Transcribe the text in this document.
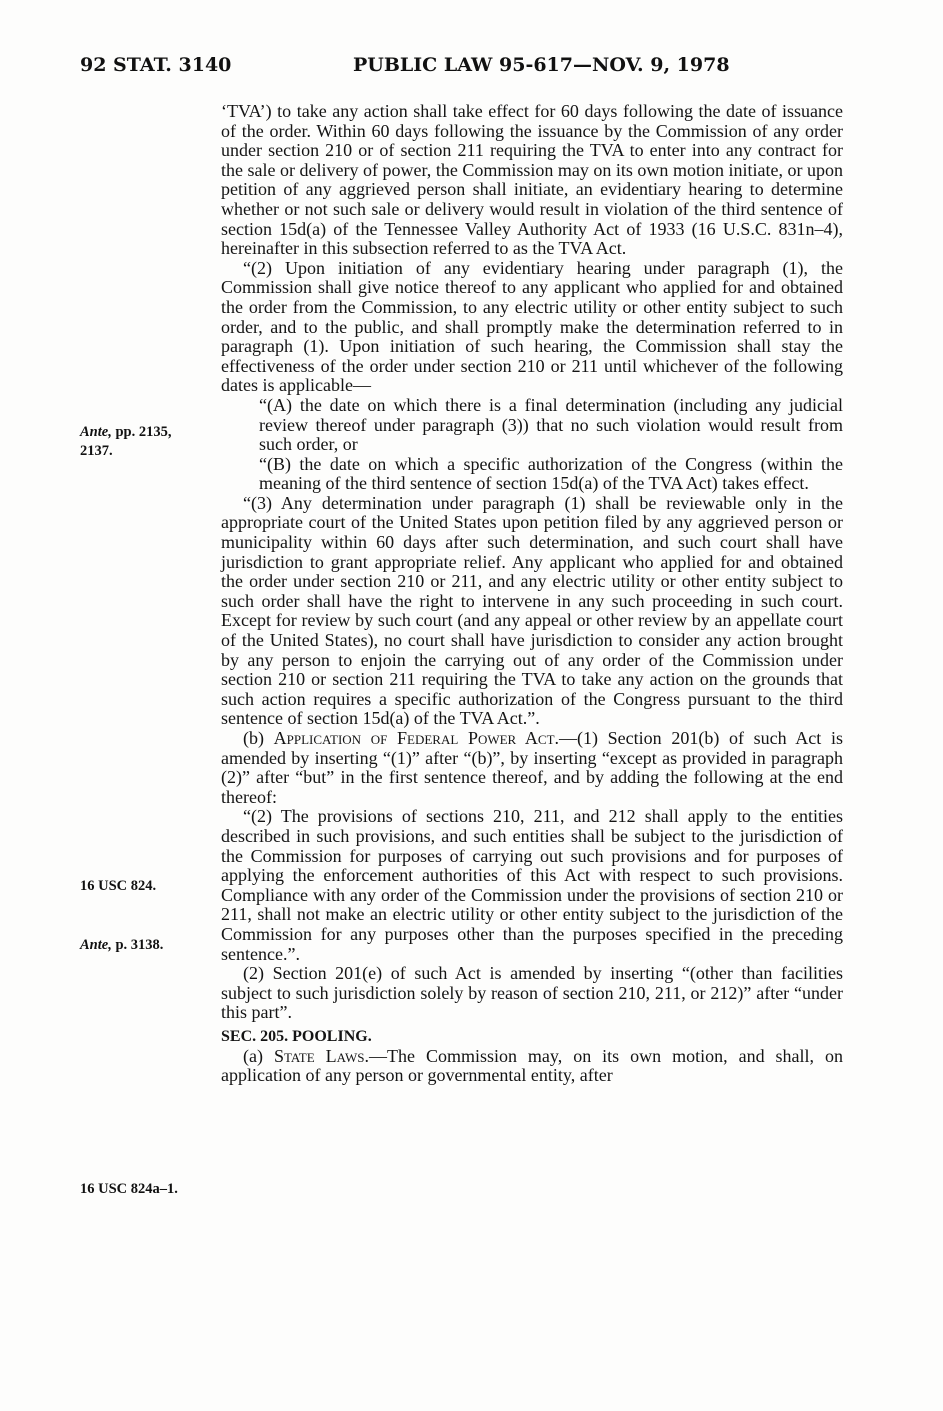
92 STAT. 3140	PUBLIC LAW 95-617—NOV. 9, 1978
Ante, pp. 2135,
2137.
16 USC 824.
Ante, p. 3138.
16 USC 824a–1.

‘TVA’) to take any action shall take effect for 60 days following the date of issuance of the order. Within 60 days following the issuance by the Commission of any order under section 210 or of section 211 requiring the TVA to enter into any contract for the sale or delivery of power, the Commission may on its own motion initiate, or upon petition of any aggrieved person shall initiate, an evidentiary hearing to determine whether or not such sale or delivery would result in violation of the third sentence of section 15d(a) of the Tennessee Valley Authority Act of 1933 (16 U.S.C. 831n–4), hereinafter in this subsection referred to as the TVA Act.

“(2) Upon initiation of any evidentiary hearing under paragraph (1), the Commission shall give notice thereof to any applicant who applied for and obtained the order from the Commission, to any electric utility or other entity subject to such order, and to the public, and shall promptly make the determination referred to in paragraph (1). Upon initiation of such hearing, the Commission shall stay the effectiveness of the order under section 210 or 211 until whichever of the following dates is applicable—

“(A) the date on which there is a final determination (including any judicial review thereof under paragraph (3)) that no such violation would result from such order, or

“(B) the date on which a specific authorization of the Congress (within the meaning of the third sentence of section 15d(a) of the TVA Act) takes effect.

“(3) Any determination under paragraph (1) shall be reviewable only in the appropriate court of the United States upon petition filed by any aggrieved person or municipality within 60 days after such determination, and such court shall have jurisdiction to grant appropriate relief. Any applicant who applied for and obtained the order under section 210 or 211, and any electric utility or other entity subject to such order shall have the right to intervene in any such proceeding in such court. Except for review by such court (and any appeal or other review by an appellate court of the United States), no court shall have jurisdiction to consider any action brought by any person to enjoin the carrying out of any order of the Commission under section 210 or section 211 requiring the TVA to take any action on the grounds that such action requires a specific authorization of the Congress pursuant to the third sentence of section 15d(a) of the TVA Act.”.

(b) Application of Federal Power Act.—(1) Section 201(b) of such Act is amended by inserting “(1)” after “(b)”, by inserting “except as provided in paragraph (2)” after “but” in the first sentence thereof, and by adding the following at the end thereof:

“(2) The provisions of sections 210, 211, and 212 shall apply to the entities described in such provisions, and such entities shall be subject to the jurisdiction of the Commission for purposes of carrying out such provisions and for purposes of applying the enforcement authorities of this Act with respect to such provisions. Compliance with any order of the Commission under the provisions of section 210 or 211, shall not make an electric utility or other entity subject to the jurisdiction of the Commission for any purposes other than the purposes specified in the preceding sentence.”.

(2) Section 201(e) of such Act is amended by inserting “(other than facilities subject to such jurisdiction solely by reason of section 210, 211, or 212)” after “under this part”.

SEC. 205. POOLING.

(a) State Laws.—The Commission may, on its own motion, and shall, on application of any person or governmental entity, after
